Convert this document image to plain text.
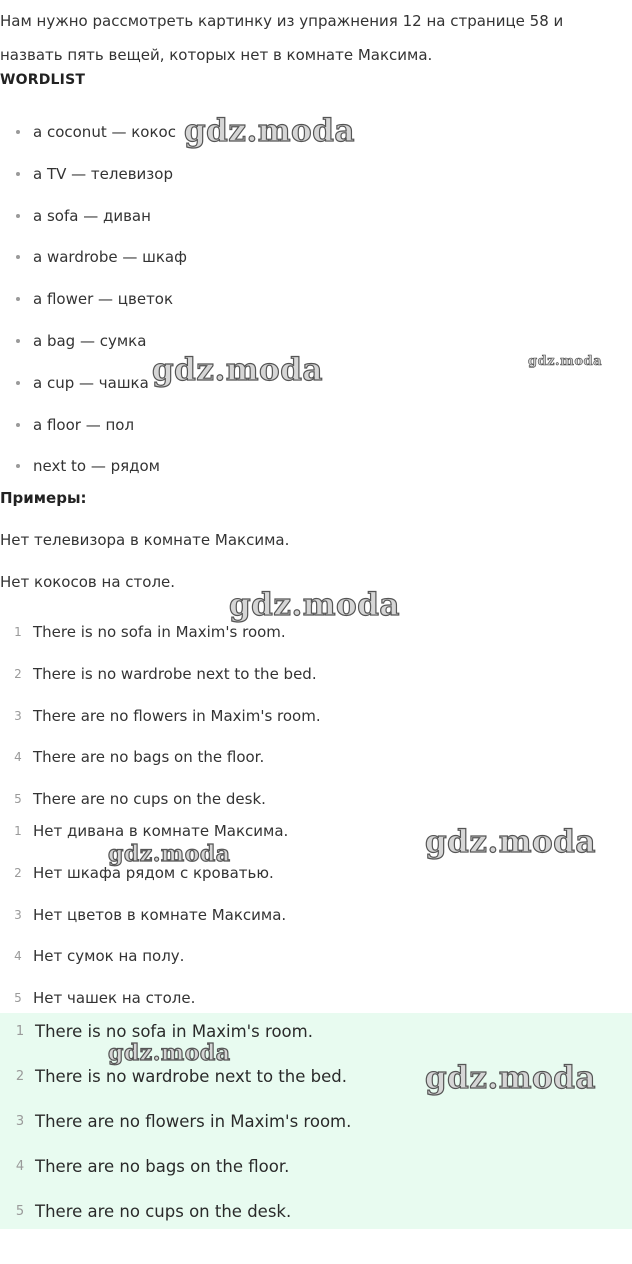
Нам нужно рассмотреть картинку из упражнения 12 на странице 58 и назвать пять вещей, которых нет в комнате Максима.

WORDLIST
a coconut — кокос
a TV — телевизор
a sofa — диван
a wardrobe — шкаф
a flower — цветок
a bag — сумка
a cup — чашка
a floor — пол
next to — рядом
Примеры:
Нет телевизора в комнате Максима.
Нет кокосов на столе.
1 There is no sofa in Maxim's room.
2 There is no wardrobe next to the bed.
3 There are no flowers in Maxim's room.
4 There are no bags on the floor.
5 There are no cups on the desk.
1 Нет дивана в комнате Максима.
2 Нет шкафа рядом с кроватью.
3 Нет цветов в комнате Максима.
4 Нет сумок на полу.
5 Нет чашек на столе.
1 There is no sofa in Maxim's room.
2 There is no wardrobe next to the bed.
3 There are no flowers in Maxim's room.
4 There are no bags on the floor.
5 There are no cups on the desk.
gdz.moda
gdz.moda	gdz.moda
gdz.moda
gdz.moda
gdz.moda
gdz.moda
gdz.moda
